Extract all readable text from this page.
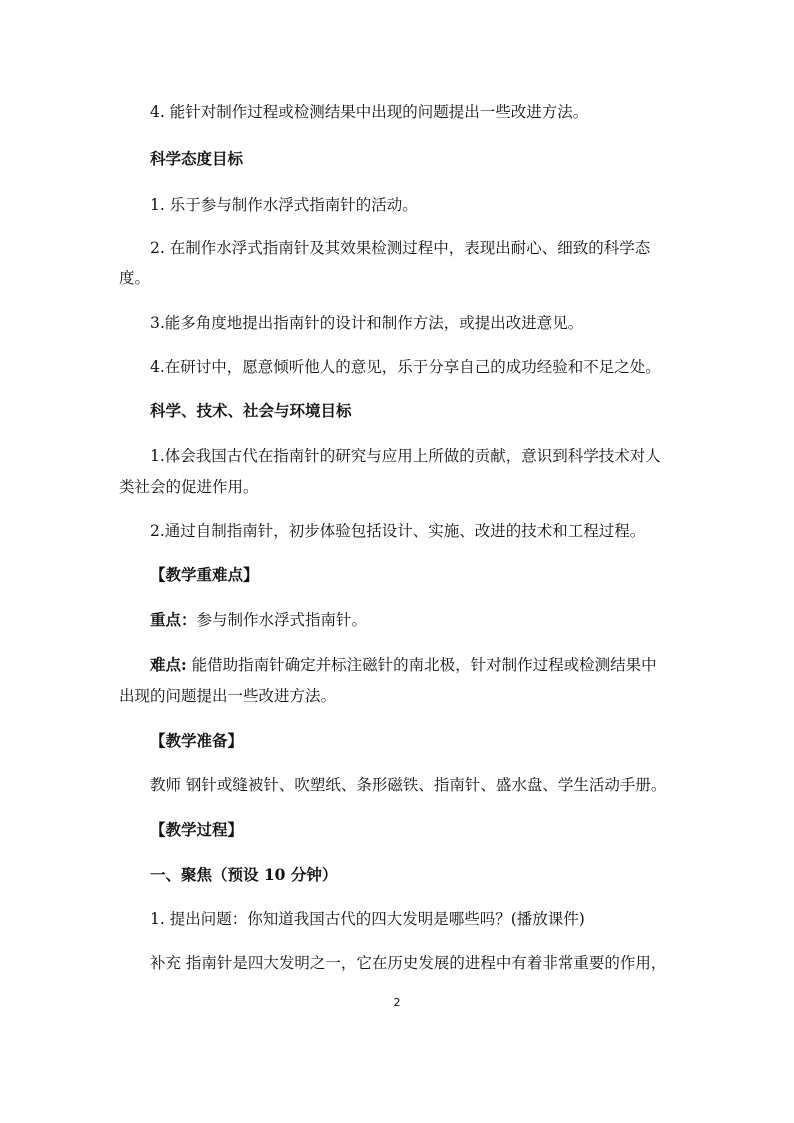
4. 能针对制作过程或检测结果中出现的问题提出一些改进方法。
科学态度目标
1. 乐于参与制作水浮式指南针的活动。
2. 在制作水浮式指南针及其效果检测过程中，表现出耐心、细致的科学态
度。
3.能多角度地提出指南针的设计和制作方法，或提出改进意见。
4.在研讨中，愿意倾听他人的意见，乐于分享自己的成功经验和不足之处。
科学、技术、社会与环境目标
1.体会我国古代在指南针的研究与应用上所做的贡献，意识到科学技术对人
类社会的促进作用。
2.通过自制指南针，初步体验包括设计、实施、改进的技术和工程过程。
【教学重难点】
重点：参与制作水浮式指南针。
难点: 能借助指南针确定并标注磁针的南北极，针对制作过程或检测结果中
出现的问题提出一些改进方法。
【教学准备】
教师 钢针或缝被针、吹塑纸、条形磁铁、指南针、盛水盘、学生活动手册。
【教学过程】
一、聚焦（预设 10 分钟）
1. 提出问题：你知道我国古代的四大发明是哪些吗？(播放课件)
补充 指南针是四大发明之一，它在历史发展的进程中有着非常重要的作用，
2
